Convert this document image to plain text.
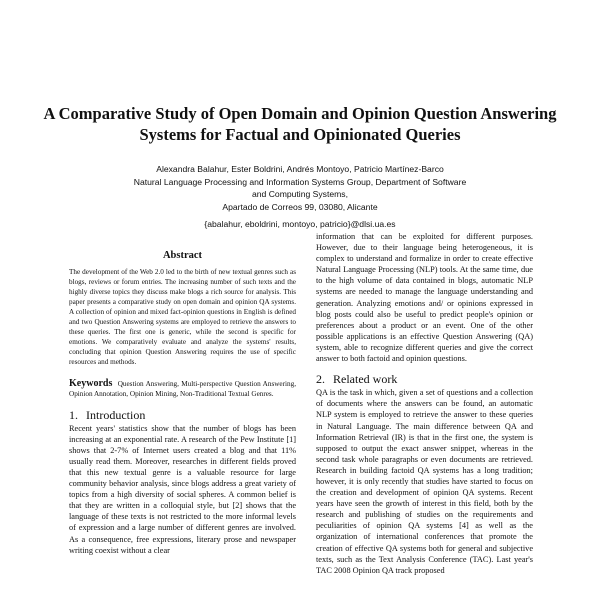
A Comparative Study of Open Domain and Opinion Question Answering Systems for Factual and Opinionated Queries
Alexandra Balahur, Ester Boldrini, Andrés Montoyo, Patricio Martínez-Barco
Natural Language Processing and Information Systems Group, Department of Software
and Computing Systems,
Apartado de Correos 99, 03080, Alicante
{abalahur, eboldrini, montoyo, patricio}@dlsi.ua.es
Abstract

The development of the Web 2.0 led to the birth of new textual genres such as blogs, reviews or forum entries. The increasing number of such texts and the highly diverse topics they discuss make blogs a rich source for analysis. This paper presents a comparative study on open domain and opinion QA systems. A collection of opinion and mixed fact-opinion questions in English is defined and two Question Answering systems are employed to retrieve the answers to these queries. The first one is generic, while the second is specific for emotions. We comparatively evaluate and analyze the systems' results, concluding that opinion Question Answering requires the use of specific resources and methods.

Keywords Question Answering, Multi-perspective Question Answering, Opinion Annotation, Opinion Mining, Non-Traditional Textual Genres.

1. Introduction

Recent years' statistics show that the number of blogs has been increasing at an exponential rate. A research of the Pew Institute [1] shows that 2-7% of Internet users created a blog and that 11% usually read them. Moreover, researches in different fields proved that this new textual genre is a valuable resource for large community behavior analysis, since blogs address a great variety of topics from a high diversity of social spheres. A common belief is that they are written in a colloquial style, but [2] shows that the language of these texts is not restricted to the more informal levels of expression and a large number of different genres are involved. As a consequence, free expressions, literary prose and newspaper writing coexist without a clear

information that can be exploited for different purposes. However, due to their language being heterogeneous, it is complex to understand and formalize in order to create effective Natural Language Processing (NLP) tools. At the same time, due to the high volume of data contained in blogs, automatic NLP systems are needed to manage the language understanding and generation. Analyzing emotions and/ or opinions expressed in blog posts could also be useful to predict people's opinion or preferences about a product or an event. One of the other possible applications is an effective Question Answering (QA) system, able to recognize different queries and give the correct answer to both factoid and opinion questions.

2. Related work

QA is the task in which, given a set of questions and a collection of documents where the answers can be found, an automatic NLP system is employed to retrieve the answer to these queries in Natural Language. The main difference between QA and Information Retrieval (IR) is that in the first one, the system is supposed to output the exact answer snippet, whereas in the second task whole paragraphs or even documents are retrieved. Research in building factoid QA systems has a long tradition; however, it is only recently that studies have started to focus on the creation and development of opinion QA systems. Recent years have seen the growth of interest in this field, both by the research and publishing of studies on the requirements and peculiarities of opinion QA systems [4] as well as the organization of international conferences that promote the creation of effective QA systems both for general and subjective texts, such as the Text Analysis Conference (TAC). Last year's TAC 2008 Opinion QA track proposed
